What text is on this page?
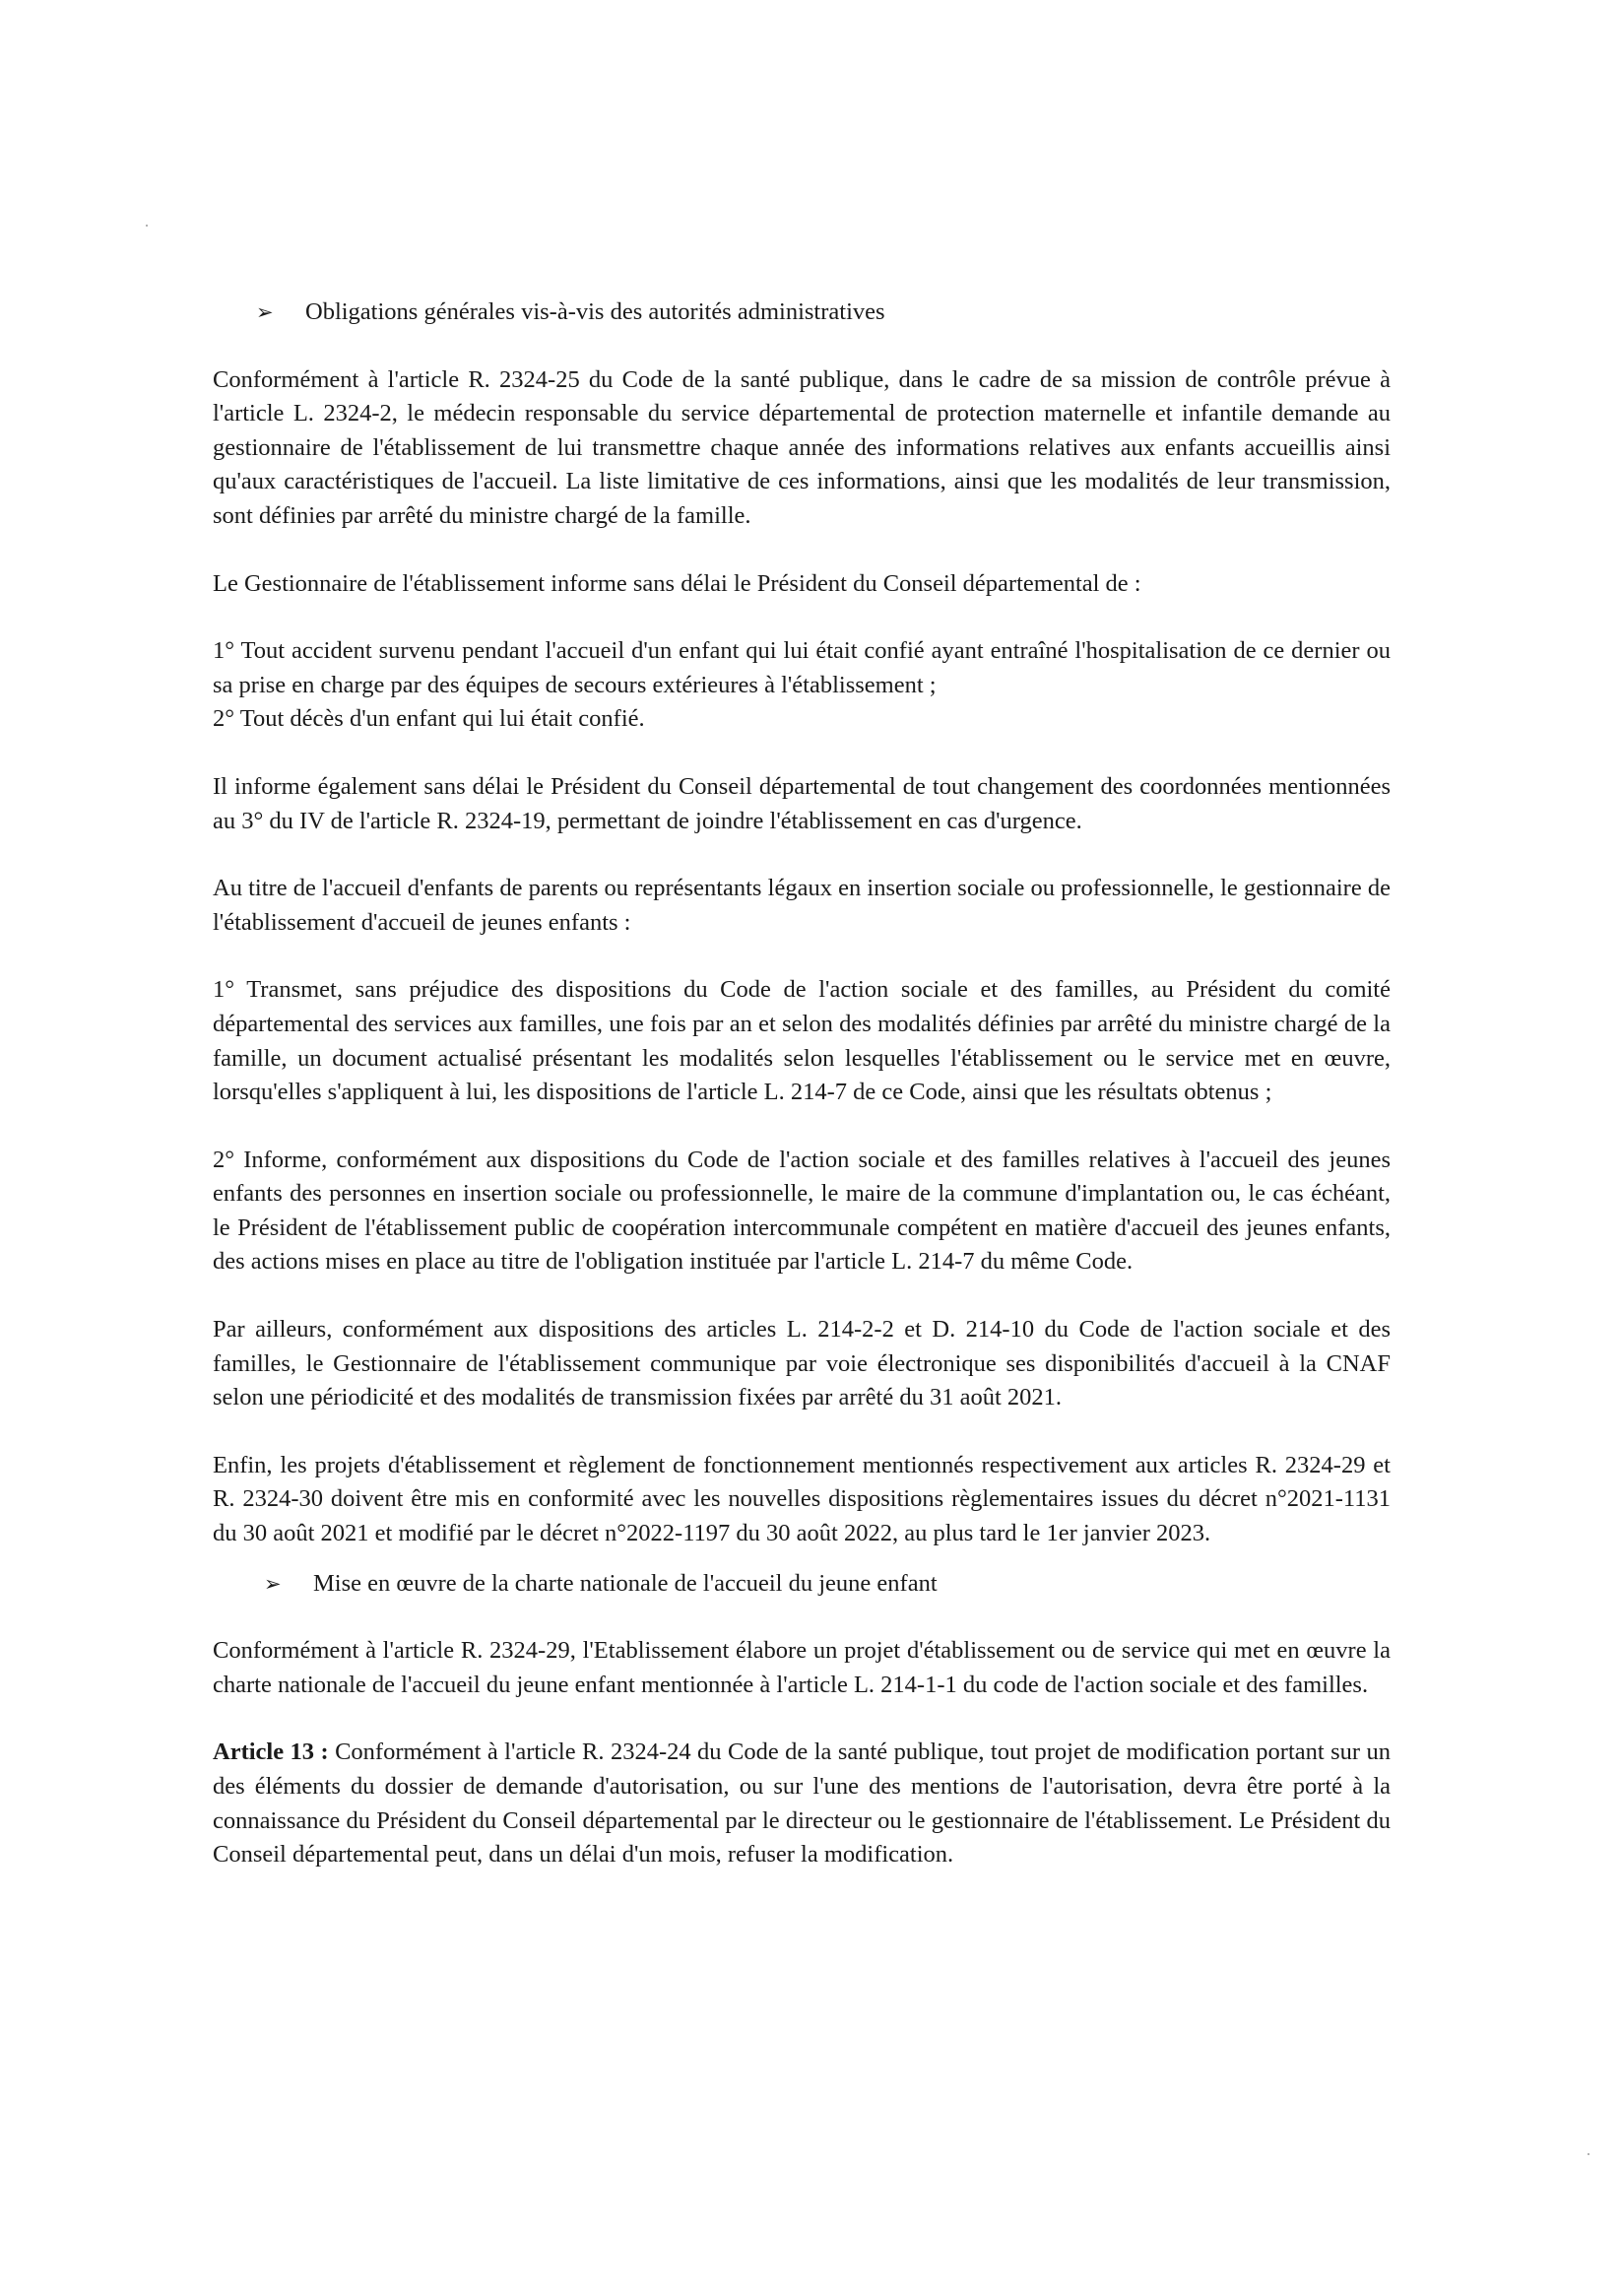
➢	Obligations générales vis-à-vis des autorités administratives

Conformément à l'article R. 2324-25 du Code de la santé publique, dans le cadre de sa mission de contrôle prévue à l'article L. 2324-2, le médecin responsable du service départemental de protection maternelle et infantile demande au gestionnaire de l'établissement de lui transmettre chaque année des informations relatives aux enfants accueillis ainsi qu'aux caractéristiques de l'accueil. La liste limitative de ces informations, ainsi que les modalités de leur transmission, sont définies par arrêté du ministre chargé de la famille.

Le Gestionnaire de l'établissement informe sans délai le Président du Conseil départemental de :

1° Tout accident survenu pendant l'accueil d'un enfant qui lui était confié ayant entraîné l'hospitalisation de ce dernier ou sa prise en charge par des équipes de secours extérieures à l'établissement ;
2° Tout décès d'un enfant qui lui était confié.

Il informe également sans délai le Président du Conseil départemental de tout changement des coordonnées mentionnées au 3° du IV de l'article R. 2324-19, permettant de joindre l'établissement en cas d'urgence.

Au titre de l'accueil d'enfants de parents ou représentants légaux en insertion sociale ou professionnelle, le gestionnaire de l'établissement d'accueil de jeunes enfants :

1° Transmet, sans préjudice des dispositions du Code de l'action sociale et des familles, au Président du comité départemental des services aux familles, une fois par an et selon des modalités définies par arrêté du ministre chargé de la famille, un document actualisé présentant les modalités selon lesquelles l'établissement ou le service met en œuvre, lorsqu'elles s'appliquent à lui, les dispositions de l'article L. 214-7 de ce Code, ainsi que les résultats obtenus ;

2° Informe, conformément aux dispositions du Code de l'action sociale et des familles relatives à l'accueil des jeunes enfants des personnes en insertion sociale ou professionnelle, le maire de la commune d'implantation ou, le cas échéant, le Président de l'établissement public de coopération intercommunale compétent en matière d'accueil des jeunes enfants, des actions mises en place au titre de l'obligation instituée par l'article L. 214-7 du même Code.

Par ailleurs, conformément aux dispositions des articles L. 214-2-2 et D. 214-10 du Code de l'action sociale et des familles, le Gestionnaire de l'établissement communique par voie électronique ses disponibilités d'accueil à la CNAF selon une périodicité et des modalités de transmission fixées par arrêté du 31 août 2021.

Enfin, les projets d'établissement et règlement de fonctionnement mentionnés respectivement aux articles R. 2324-29 et R. 2324-30 doivent être mis en conformité avec les nouvelles dispositions règlementaires issues du décret n°2021-1131 du 30 août 2021 et modifié par le décret n°2022-1197 du 30 août 2022, au plus tard le 1er janvier 2023.

➢	Mise en œuvre de la charte nationale de l'accueil du jeune enfant

Conformément à l'article R. 2324-29, l'Etablissement élabore un projet d'établissement ou de service qui met en œuvre la charte nationale de l'accueil du jeune enfant mentionnée à l'article L. 214-1-1 du code de l'action sociale et des familles.

Article 13 : Conformément à l'article R. 2324-24 du Code de la santé publique, tout projet de modification portant sur un des éléments du dossier de demande d'autorisation, ou sur l'une des mentions de l'autorisation, devra être porté à la connaissance du Président du Conseil départemental par le directeur ou le gestionnaire de l'établissement. Le Président du Conseil départemental peut, dans un délai d'un mois, refuser la modification.
